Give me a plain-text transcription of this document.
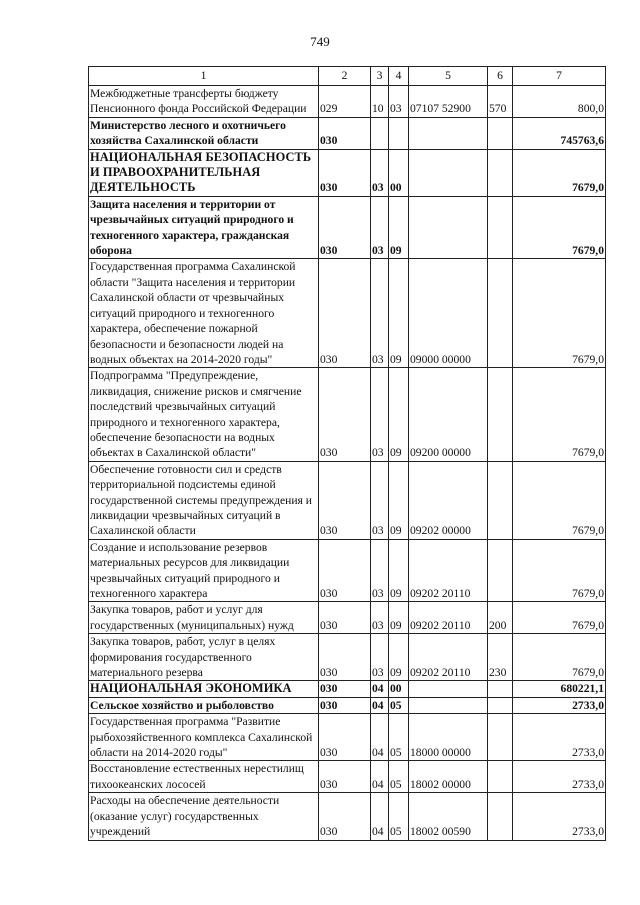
749
1	2	3	4	5	6	7
Межбюджетные трансферты бюджету Пенсионного фонда Российской Федерации	029	10	03	07107 52900	570	800,0
Министерство лесного и охотничьего хозяйства Сахалинской области	030					745763,6
НАЦИОНАЛЬНАЯ БЕЗОПАСНОСТЬ И ПРАВООХРАНИТЕЛЬНАЯ ДЕЯТЕЛЬНОСТЬ	030	03	00			7679,0
Защита населения и территории от чрезвычайных ситуаций природного и техногенного характера, гражданская оборона	030	03	09			7679,0
Государственная программа Сахалинской области "Защита населения и территории Сахалинской области от чрезвычайных ситуаций природного и техногенного характера, обеспечение пожарной безопасности и безопасности людей на водных объектах на 2014-2020 годы"	030	03	09	09000 00000		7679,0
Подпрограмма "Предупреждение, ликвидация, снижение рисков и смягчение последствий чрезвычайных ситуаций природного и техногенного характера, обеспечение безопасности на водных объектах в Сахалинской области"	030	03	09	09200 00000		7679,0
Обеспечение готовности сил и средств территориальной подсистемы единой государственной системы предупреждения и ликвидации чрезвычайных ситуаций в Сахалинской области	030	03	09	09202 00000		7679,0
Создание и использование резервов материальных ресурсов для ликвидации чрезвычайных ситуаций природного и техногенного характера	030	03	09	09202 20110		7679,0
Закупка товаров, работ и услуг для государственных (муниципальных) нужд	030	03	09	09202 20110	200	7679,0
Закупка товаров, работ, услуг в целях формирования государственного материального резерва	030	03	09	09202 20110	230	7679,0
НАЦИОНАЛЬНАЯ ЭКОНОМИКА	030	04	00			680221,1
Сельское хозяйство и рыболовство	030	04	05			2733,0
Государственная программа "Развитие рыбохозяйственного комплекса Сахалинской области на 2014-2020 годы"	030	04	05	18000 00000		2733,0
Восстановление естественных нерестилищ тихоокеанских лососей	030	04	05	18002 00000		2733,0
Расходы на обеспечение деятельности (оказание услуг) государственных учреждений	030	04	05	18002 00590		2733,0
